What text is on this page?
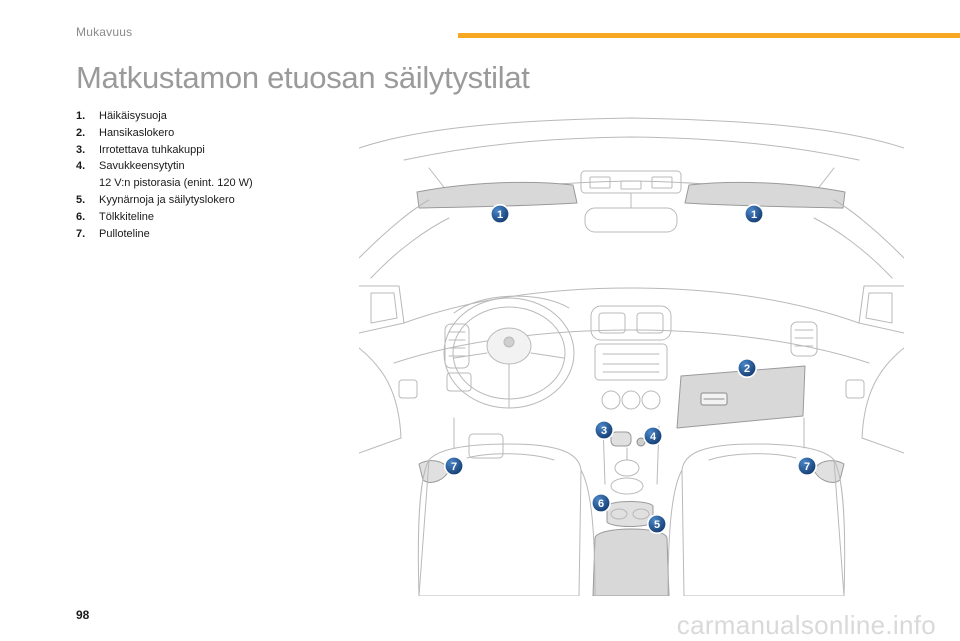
Mukavuus
Matkustamon etuosan säilytystilat
1. Häikäisysuoja
2. Hansikaslokero
3. Irrotettava tuhkakuppi
4. Savukkeensytytin
12 V:n pistorasia (enint. 120 W)
5. Kyynärnoja ja säilytyslokero
6. Tölkkiteline
7. Pulloteline
1	1
2
3	4
5
6
7	7
98	carmanualsonline.info
